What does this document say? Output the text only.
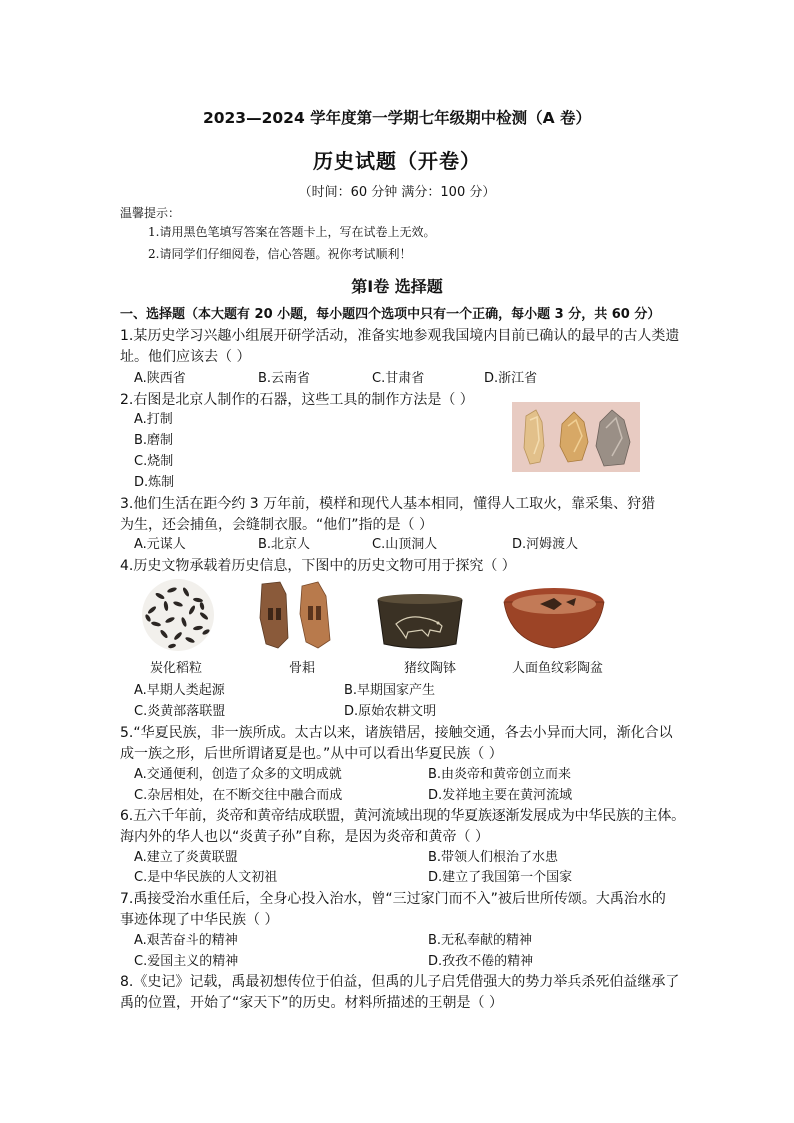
2023—2024 学年度第一学期七年级期中检测（A 卷）
历史试题（开卷）
（时间：60 分钟 满分：100 分）
温馨提示：
1.请用黑色笔填写答案在答题卡上，写在试卷上无效。
2.请同学们仔细阅卷，信心答题。祝你考试顺利！
第Ⅰ卷 选择题
一、选择题（本大题有 20 小题，每小题四个选项中只有一个正确，每小题 3 分，共 60 分）
1.某历史学习兴趣小组展开研学活动，准备实地参观我国境内目前已确认的最早的古人类遗
址。他们应该去（ ）
A.陕西省	B.云南省	C.甘肃省	D.浙江省
2.右图是北京人制作的石器，这些工具的制作方法是（ ）
A.打制
B.磨制
C.烧制
D.炼制
3.他们生活在距今约 3 万年前，模样和现代人基本相同，懂得人工取火，靠采集、狩猎
为生，还会捕鱼，会缝制衣服。“他们”指的是（ ）
A.元谋人	B.北京人	C.山顶洞人	D.河姆渡人
4.历史文物承载着历史信息，下图中的历史文物可用于探究（ ）
炭化稻粒	骨耜	猪纹陶钵	人面鱼纹彩陶盆
A.早期人类起源	B.早期国家产生
C.炎黄部落联盟	D.原始农耕文明
5.“华夏民族，非一族所成。太古以来，诸族错居，接触交通，各去小异而大同，渐化合以
成一族之形，后世所谓诸夏是也。”从中可以看出华夏民族（ ）
A.交通便利，创造了众多的文明成就	B.由炎帝和黄帝创立而来
C.杂居相处，在不断交往中融合而成	D.发祥地主要在黄河流域
6.五六千年前，炎帝和黄帝结成联盟，黄河流域出现的华夏族逐渐发展成为中华民族的主体。
海内外的华人也以“炎黄子孙”自称，是因为炎帝和黄帝（ ）
A.建立了炎黄联盟	B.带领人们根治了水患
C.是中华民族的人文初祖	D.建立了我国第一个国家
7.禹接受治水重任后，全身心投入治水，曾“三过家门而不入”被后世所传颂。大禹治水的
事迹体现了中华民族（ ）
A.艰苦奋斗的精神	B.无私奉献的精神
C.爱国主义的精神	D.孜孜不倦的精神
8.《史记》记载，禹最初想传位于伯益，但禹的儿子启凭借强大的势力举兵杀死伯益继承了
禹的位置，开始了“家天下”的历史。材料所描述的王朝是（ ）
